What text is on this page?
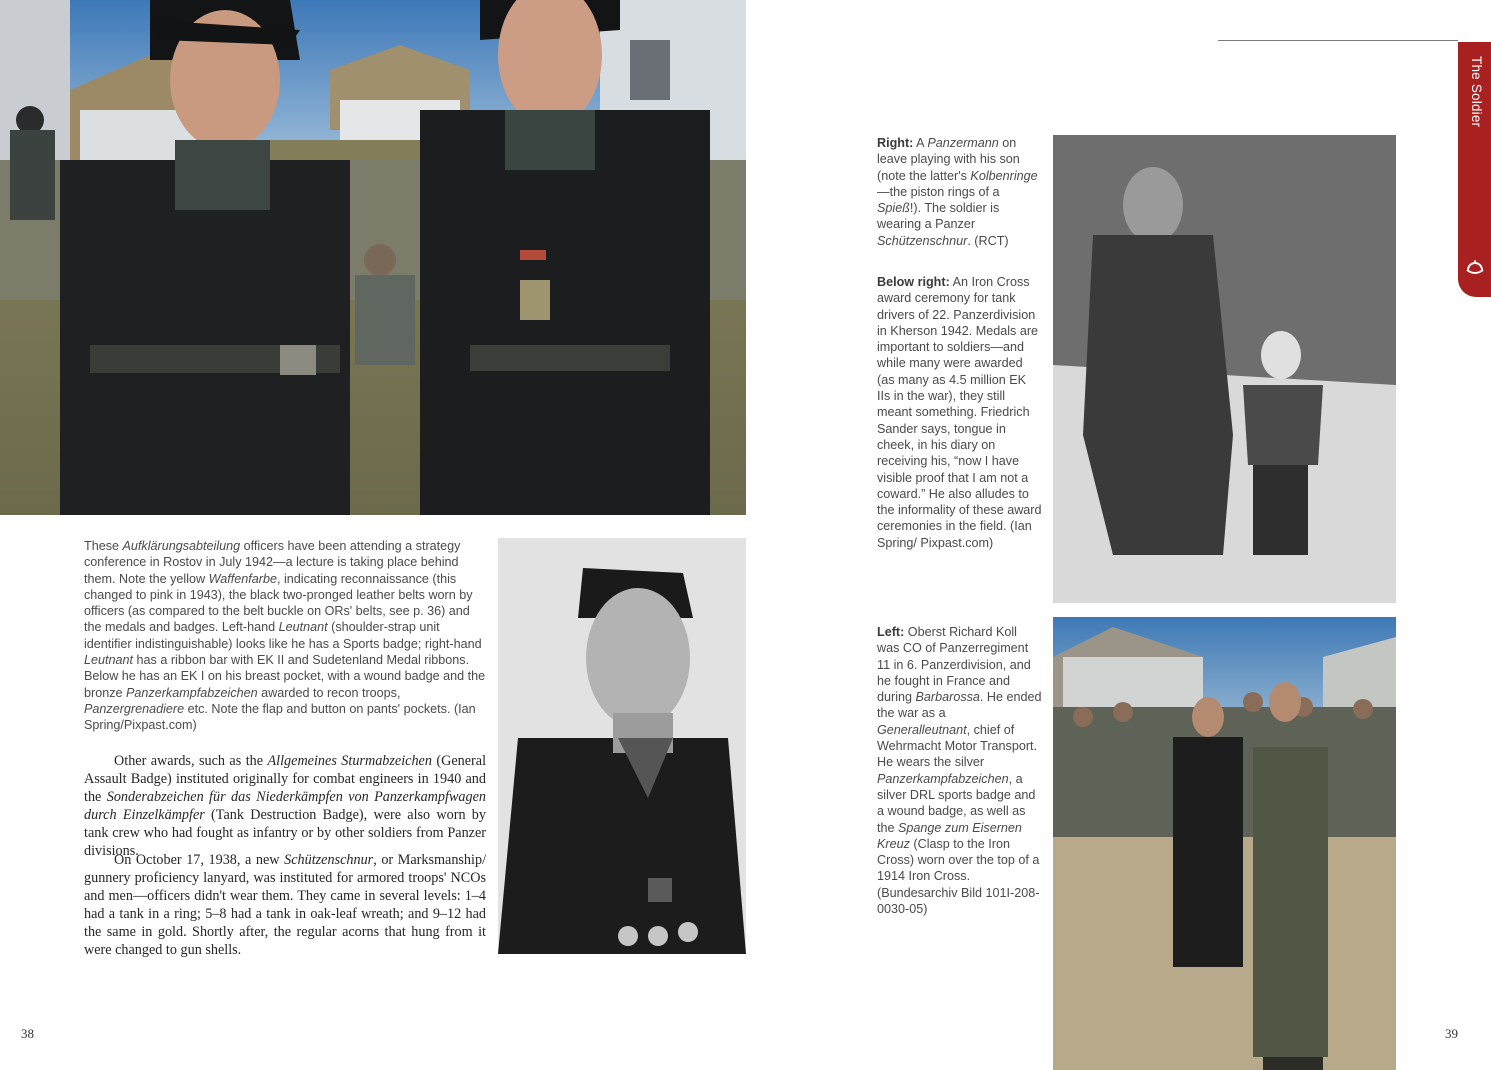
These Aufklärungsabteilung officers have been attending a strategy conference in Rostov in July 1942—a lecture is taking place behind them. Note the yellow Waffenfarbe, indicating reconnaissance (this changed to pink in 1943), the black two-pronged leather belts worn by officers (as compared to the belt buckle on ORs' belts, see p. 36) and the medals and badges. Left-hand Leutnant (shoulder-strap unit identifier indistinguishable) looks like he has a Sports badge; right-hand Leutnant has a ribbon bar with EK II and Sudetenland Medal ribbons. Below he has an EK I on his breast pocket, with a wound badge and the bronze Panzerkampfabzeichen awarded to recon troops, Panzergrenadiere etc. Note the flap and button on pants' pockets. (Ian Spring/Pixpast.com)

Other awards, such as the Allgemeines Sturmabzeichen (General Assault Badge) instituted originally for combat engineers in 1940 and the Sonderabzeichen für das Niederkämpfen von Panzerkampfwagen durch Einzelkämpfer (Tank Destruction Badge), were also worn by tank crew who had fought as infantry or by other soldiers from Panzer divisions.

On October 17, 1938, a new Schützenschnur, or Marksmanship/ gunnery proficiency lanyard, was instituted for armored troops' NCOs and men—officers didn't wear them. They came in several levels: 1–4 had a tank in a ring; 5–8 had a tank in oak-leaf wreath; and 9–12 had the same in gold. Shortly after, the regular acorns that hung from it were changed to gun shells.

Right: A Panzermann on leave playing with his son (note the latter's Kolbenringe—the piston rings of a Spieß!). The soldier is wearing a Panzer Schützenschnur. (RCT)
Below right: An Iron Cross award ceremony for tank drivers of 22. Panzerdivision in Kherson 1942. Medals are important to soldiers—and while many were awarded (as many as 4.5 million EK IIs in the war), they still meant something. Friedrich Sander says, tongue in cheek, in his diary on receiving his, “now I have visible proof that I am not a coward.” He also alludes to the informality of these award ceremonies in the field. (Ian Spring/ Pixpast.com)
Left: Oberst Richard Koll was CO of Panzerregiment 11 in 6. Panzerdivision, and he fought in France and during Barbarossa. He ended the war as a Generalleutnant, chief of Wehrmacht Motor Transport. He wears the silver Panzerkampfabzeichen, a silver DRL sports badge and a wound badge, as well as the Spange zum Eisernen Kreuz (Clasp to the Iron Cross) worn over the top of a 1914 Iron Cross. (Bundesarchiv Bild 101I-208-0030-05)
The Soldier
38	39
